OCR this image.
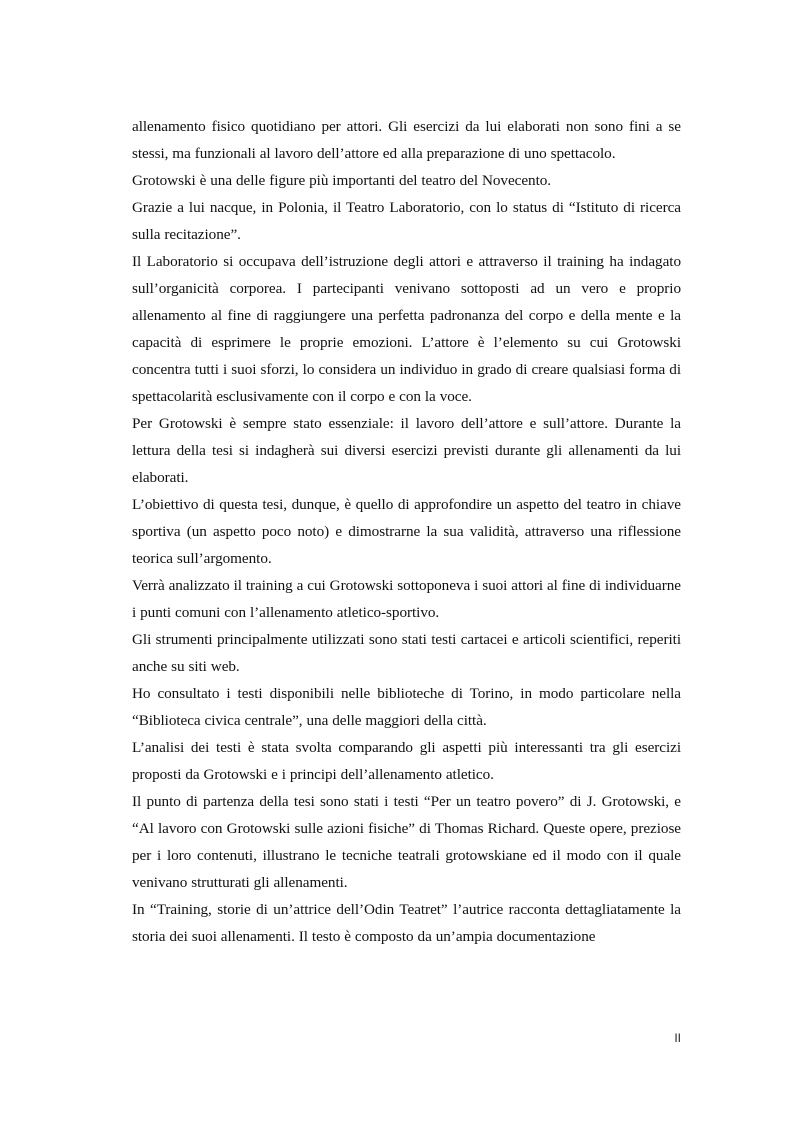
allenamento fisico quotidiano per attori. Gli esercizi da lui elaborati non sono fini a se stessi, ma funzionali al lavoro dell’attore ed alla preparazione di uno spettacolo.

Grotowski è una delle figure più importanti del teatro del Novecento.

Grazie a lui nacque, in Polonia, il Teatro Laboratorio, con lo status di “Istituto di ricerca sulla recitazione”.

Il Laboratorio si occupava dell’istruzione degli attori e attraverso il training ha indagato sull’organicità corporea. I partecipanti venivano sottoposti ad un vero e proprio allenamento al fine di raggiungere una perfetta padronanza del corpo e della mente e la capacità di esprimere le proprie emozioni. L’attore è l’elemento su cui Grotowski concentra tutti i suoi sforzi, lo considera un individuo in grado di creare qualsiasi forma di spettacolarità esclusivamente con il corpo e con la voce.

Per Grotowski è sempre stato essenziale: il lavoro dell’attore e sull’attore. Durante la lettura della tesi si indagherà sui diversi esercizi previsti durante gli allenamenti da lui elaborati.

L’obiettivo di questa tesi, dunque, è quello di approfondire un aspetto del teatro in chiave sportiva (un aspetto poco noto) e dimostrarne la sua validità, attraverso una riflessione teorica sull’argomento.

Verrà analizzato il training a cui Grotowski sottoponeva i suoi attori al fine di individuarne i punti comuni con l’allenamento atletico-sportivo.

Gli strumenti principalmente utilizzati sono stati testi cartacei e articoli scientifici, reperiti anche su siti web.

Ho consultato i testi disponibili nelle biblioteche di Torino, in modo particolare nella “Biblioteca civica centrale”, una delle maggiori della città.

L’analisi dei testi è stata svolta comparando gli aspetti più interessanti tra gli esercizi proposti da Grotowski e i principi dell’allenamento atletico.

Il punto di partenza della tesi sono stati i testi “Per un teatro povero” di J. Grotowski, e “Al lavoro con Grotowski sulle azioni fisiche” di Thomas Richard. Queste opere, preziose per i loro contenuti, illustrano le tecniche teatrali grotowskiane ed il modo con il quale venivano strutturati gli allenamenti.

In “Training, storie di un’attrice dell’Odin Teatret” l’autrice racconta dettagliatamente la storia dei suoi allenamenti. Il testo è composto da un’ampia documentazione

II
